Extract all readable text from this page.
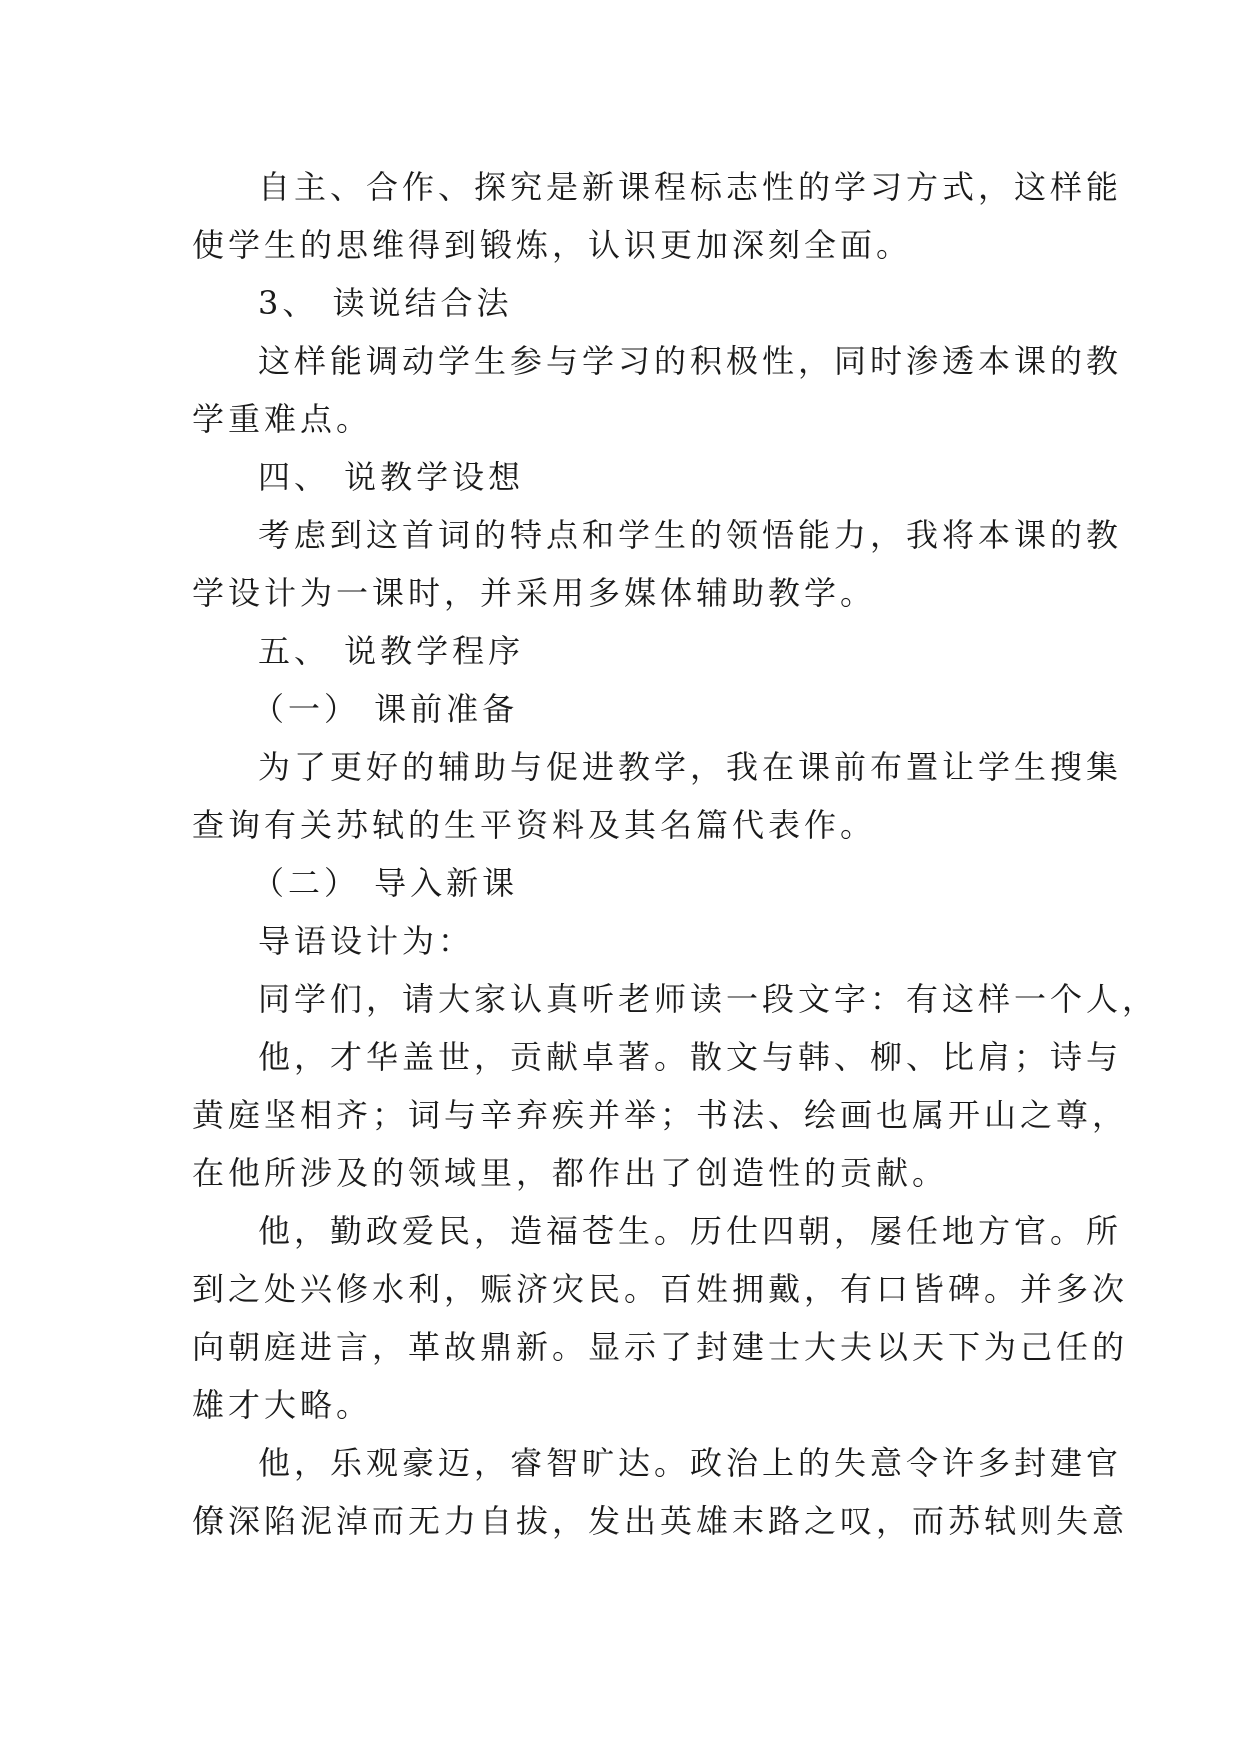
自主、合作、探究是新课程标志性的学习方式，这样能
使学生的思维得到锻炼，认识更加深刻全面。
3、 读说结合法
这样能调动学生参与学习的积极性，同时渗透本课的教
学重难点。
四、 说教学设想
考虑到这首词的特点和学生的领悟能力，我将本课的教
学设计为一课时，并采用多媒体辅助教学。
五、 说教学程序
（一） 课前准备
为了更好的辅助与促进教学，我在课前布置让学生搜集
查询有关苏轼的生平资料及其名篇代表作。
（二） 导入新课
导语设计为：
同学们，请大家认真听老师读一段文字：有这样一个人，
他，才华盖世，贡献卓著。散文与韩、柳、比肩；诗与
黄庭坚相齐；词与辛弃疾并举；书法、绘画也属开山之尊，
在他所涉及的领域里，都作出了创造性的贡献。
他，勤政爱民，造福苍生。历仕四朝，屡任地方官。所
到之处兴修水利，赈济灾民。百姓拥戴，有口皆碑。并多次
向朝庭进言，革故鼎新。显示了封建士大夫以天下为己任的
雄才大略。
他，乐观豪迈，睿智旷达。政治上的失意令许多封建官
僚深陷泥淖而无力自拔，发出英雄末路之叹，而苏轼则失意
